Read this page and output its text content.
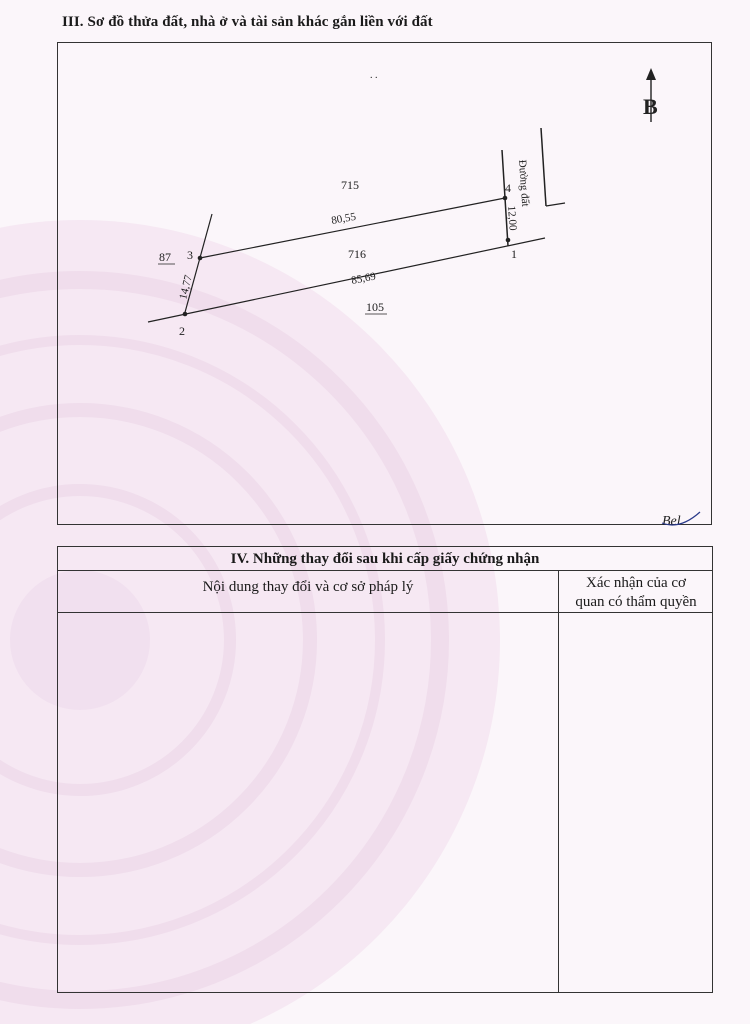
III. Sơ đồ thửa đất, nhà ở và tài sản khác gắn liền với đất
1
2
3
4
715
716
105
87
80,55
85,69
14,77
12,00
Đường đất
B
. .
Bel
IV. Những thay đổi sau khi cấp giấy chứng nhận
Nội dung thay đổi và cơ sở pháp lý	Xác nhận của cơ
quan có thẩm quyền
